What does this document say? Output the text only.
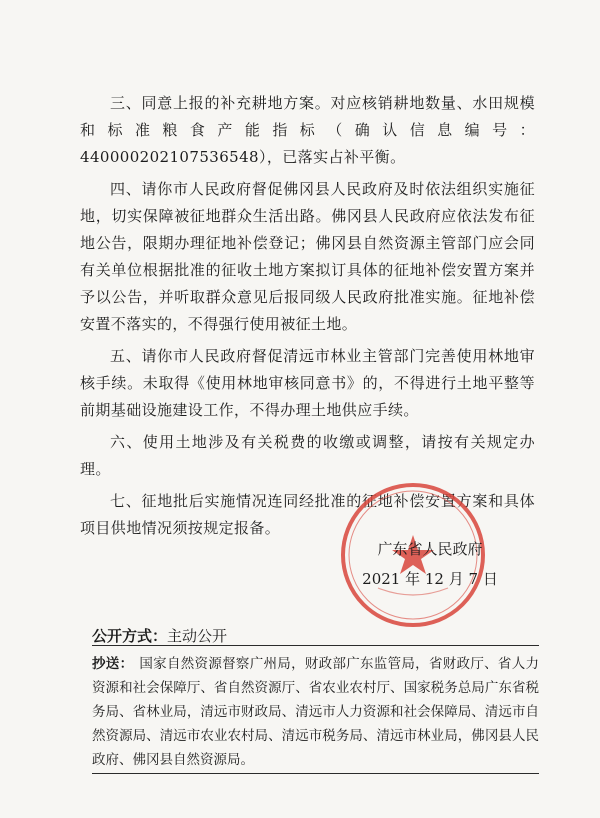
三、同意上报的补充耕地方案。对应核销耕地数量、水田规模和标准粮食产能指标（确认信息编号：440000202107536548），已落实占补平衡。

四、请你市人民政府督促佛冈县人民政府及时依法组织实施征地，切实保障被征地群众生活出路。佛冈县人民政府应依法发布征地公告，限期办理征地补偿登记；佛冈县自然资源主管部门应会同有关单位根据批准的征收土地方案拟订具体的征地补偿安置方案并予以公告，并听取群众意见后报同级人民政府批准实施。征地补偿安置不落实的，不得强行使用被征土地。

五、请你市人民政府督促清远市林业主管部门完善使用林地审核手续。未取得《使用林地审核同意书》的，不得进行土地平整等前期基础设施建设工作，不得办理土地供应手续。

六、使用土地涉及有关税费的收缴或调整，请按有关规定办理。

七、征地批后实施情况连同经批准的征地补偿安置方案和具体项目供地情况须按规定报备。

广东省人民政府
2021 年 12 月 7 日
公开方式：主动公开
抄送： 国家自然资源督察广州局，财政部广东监管局，省财政厅、省人力资源和社会保障厅、省自然资源厅、省农业农村厅、国家税务总局广东省税务局、省林业局，清远市财政局、清远市人力资源和社会保障局、清远市自然资源局、清远市农业农村局、清远市税务局、清远市林业局，佛冈县人民政府、佛冈县自然资源局。
